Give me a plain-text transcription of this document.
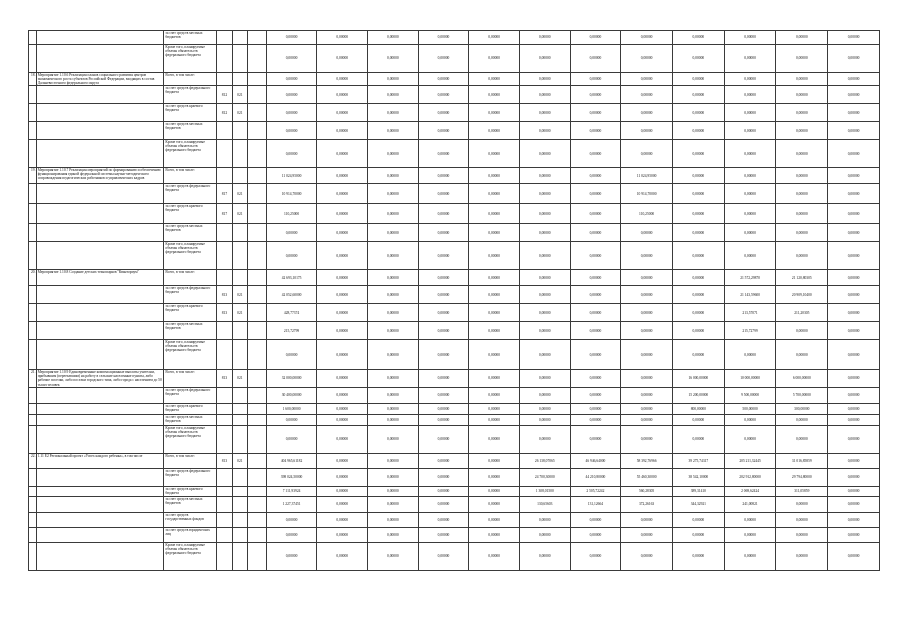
		за счет средств местных бюджетов				0,00000	0,00000	0,00000	0,00000	0,00000	0,00000	0,00000	0,00000	0,00000	0,00000	0,00000	0,00000
		Кроме того, планируемые объемы обязательств федерального бюджета				0,00000	0,00000	0,00000	0,00000	0,00000	0,00000	0,00000	0,00000	0,00000	0,00000	0,00000	0,00000
18.	Мероприятие 1.10.6 Реализация планов социального развития центров экономического роста субъектов Российской Федерации, входящих в состав Дальневосточного федерального округа	Всего, в том числе:				0,00000	0,00000	0,00000	0,00000	0,00000	0,00000	0,00000	0,00000	0,00000	0,00000	0,00000	0,00000
		за счет средств федерального бюджета	812	021		0,00000	0,00000	0,00000	0,00000	0,00000	0,00000	0,00000	0,00000	0,00000	0,00000	0,00000	0,00000
		за счет средств краевого бюджета	812	021		0,00000	0,00000	0,00000	0,00000	0,00000	0,00000	0,00000	0,00000	0,00000	0,00000	0,00000	0,00000
		за счет средств местных бюджетов				0,00000	0,00000	0,00000	0,00000	0,00000	0,00000	0,00000	0,00000	0,00000	0,00000	0,00000	0,00000
		Кроме того, планируемые объемы обязательств федерального бюджета				0,00000	0,00000	0,00000	0,00000	0,00000	0,00000	0,00000	0,00000	0,00000	0,00000	0,00000	0,00000
19.	Мероприятие 1.10.7 Реализация мероприятий по формированию и обеспечению функционирования единой федеральной системы научно-методического сопровождения педагогических работников и управленческих кадров	Всего, в том числе:				11 024,95000	0,00000	0,00000	0,00000	0,00000	0,00000	0,00000	11 024,95000	0,00000	0,00000	0,00000	0,00000
		за счет средств федерального бюджета	817	021		10 914,70000	0,00000	0,00000	0,00000	0,00000	0,00000	0,00000	10 914,70000	0,00000	0,00000	0,00000	0,00000
		за счет средств краевого бюджета	817	021		110,25000	0,00000	0,00000	0,00000	0,00000	0,00000	0,00000	110,25000	0,00000	0,00000	0,00000	0,00000
		за счет средств местных бюджетов				0,00000	0,00000	0,00000	0,00000	0,00000	0,00000	0,00000	0,00000	0,00000	0,00000	0,00000	0,00000
		Кроме того, планируемые объемы обязательств федерального бюджета				0,00000	0,00000	0,00000	0,00000	0,00000	0,00000	0,00000	0,00000	0,00000	0,00000	0,00000	0,00000
20.	Мероприятие 1.10.8 Создание детских технопарков "Кванториум"	Всего, в том числе:				42 693,10175	0,00000	0,00000	0,00000	0,00000	0,00000	0,00000	0,00000	0,00000	21 572,29870	21 120,80305	0,00000
		за счет средств федерального бюджета	813	021		42 052,60000	0,00000	0,00000	0,00000	0,00000	0,00000	0,00000	0,00000	0,00000	21 143,59600	20 909,10400	0,00000
		за счет средств краевого бюджета	813	021		428,77374	0,00000	0,00000	0,00000	0,00000	0,00000	0,00000	0,00000	0,00000	213,57071	211,20305	0,00000
		за счет средств местных бюджетов				215,72799	0,00000	0,00000	0,00000	0,00000	0,00000	0,00000	0,00000	0,00000	215,72799	0,00000	0,00000
		Кроме того, планируемые объемы обязательств федерального бюджета				0,00000	0,00000	0,00000	0,00000	0,00000	0,00000	0,00000	0,00000	0,00000	0,00000	0,00000	0,00000
21.	Мероприятие 1.10.9 Единовременные компенсационные выплаты учителям, прибывшим (переехавшим) на работу в сельские населенные пункты, либо рабочие поселки, либо поселки городского типа, либо города с населением до 50 тысяч человек	Всего, в том числе:	813	021		32 000,00000	0,00000	0,00000	0,00000	0,00000	0,00000	0,00000	0,00000	16 000,00000	10 000,00000	6 000,00000	0,00000
		за счет средств федерального бюджета				30 400,00000	0,00000	0,00000	0,00000	0,00000	0,00000	0,00000	0,00000	15 200,00000	9 500,00000	5 700,00000	0,00000
		за счет средств краевого бюджета				1 600,00000	0,00000	0,00000	0,00000	0,00000	0,00000	0,00000	0,00000	800,00000	500,00000	300,00000	0,00000
		за счет средств местных бюджетов				0,00000	0,00000	0,00000	0,00000	0,00000	0,00000	0,00000	0,00000	0,00000	0,00000	0,00000	0,00000
		Кроме того, планируемые объемы обязательств федерального бюджета				0,00000	0,00000	0,00000	0,00000	0,00000	0,00000	0,00000	0,00000	0,00000	0,00000	0,00000	0,00000
22.	1.11 Е2 Региональный проект «Успех каждого ребенка», в том числе	Всего, в том числе:	813	021		404 965,61182	0,00000	0,00000	0,00000	0,00000	26 138,07065	46 946,64000	58 392,76966	39 275,74317	205 211,32445	31 016,85859	0,00000
		за счет средств федерального бюджета				398 024,50000	0,00000	0,00000	0,00000	0,00000	24 700,30000	44 210,80000	55 460,30000	38 542,10000	202 912,80000	29 794,80000	0,00000
		за счет средств краевого бюджета				7 111,93924	0,00000	0,00000	0,00000	0,00000	1 308,01500	2 505,72242	560,28305	389,31410	2 069,62424	311,05859	0,00000
		за счет средств местных бюджетов				1 227,37451	0,00000	0,00000	0,00000	0,00000	130,65603	131,12664	372,26163	344,32921	241,00821	0,00000	0,00000
		за счет средств государственных фондов				0,00000	0,00000	0,00000	0,00000	0,00000	0,00000	0,00000	0,00000	0,00000	0,00000	0,00000	0,00000
		за счет средств юридических лиц				0,00000	0,00000	0,00000	0,00000	0,00000	0,00000	0,00000	0,00000	0,00000	0,00000	0,00000	0,00000
		Кроме того, планируемые объемы обязательств федерального бюджета				0,00000	0,00000	0,00000	0,00000	0,00000	0,00000	0,00000	0,00000	0,00000	0,00000	0,00000	0,00000
